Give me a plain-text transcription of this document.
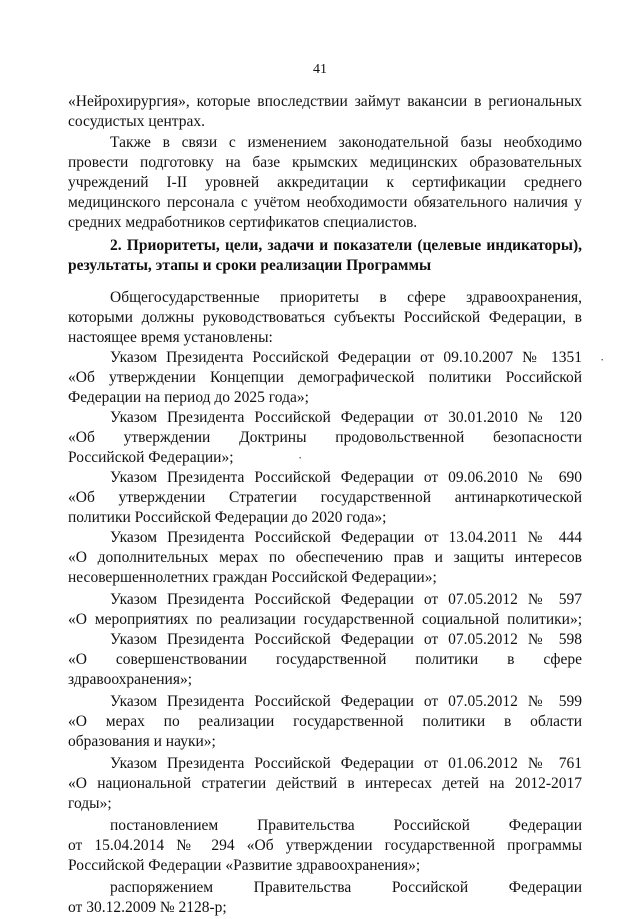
41
«Нейрохирургия», которые впоследствии займут вакансии в региональных
сосудистых центрах.
Также в связи с изменением законодательной базы необходимо
провести подготовку на базе крымских медицинских образовательных
учреждений I-II уровней аккредитации к сертификации среднего
медицинского персонала с учётом необходимости обязательного наличия у
средних медработников сертификатов специалистов.
2. Приоритеты, цели, задачи и показатели (целевые индикаторы),
результаты, этапы и сроки реализации Программы
Общегосударственные приоритеты в сфере здравоохранения,
которыми должны руководствоваться субъекты Российской Федерации, в
настоящее время установлены:
Указом Президента Российской Федерации от 09.10.2007 № 1351
«Об утверждении Концепции демографической политики Российской
Федерации на период до 2025 года»;
Указом Президента Российской Федерации от 30.01.2010 № 120
«Об утверждении Доктрины продовольственной безопасности
Российской Федерации»;
Указом Президента Российской Федерации от 09.06.2010 № 690
«Об утверждении Стратегии государственной антинаркотической
политики Российской Федерации до 2020 года»;
Указом Президента Российской Федерации от 13.04.2011 № 444
«О дополнительных мерах по обеспечению прав и защиты интересов
несовершеннолетних граждан Российской Федерации»;
Указом Президента Российской Федерации от 07.05.2012 № 597
«О мероприятиях по реализации государственной социальной политики»;
Указом Президента Российской Федерации от 07.05.2012 № 598
«О совершенствовании государственной политики в сфере
здравоохранения»;
Указом Президента Российской Федерации от 07.05.2012 № 599
«О мерах по реализации государственной политики в области
образования и науки»;
Указом Президента Российской Федерации от 01.06.2012 № 761
«О национальной стратегии действий в интересах детей на 2012-2017
годы»;
постановлением Правительства Российской Федерации
от 15.04.2014 № 294 «Об утверждении государственной программы
Российской Федерации «Развитие здравоохранения»;
распоряжением Правительства Российской Федерации
от 30.12.2009 № 2128-р;
·
·
